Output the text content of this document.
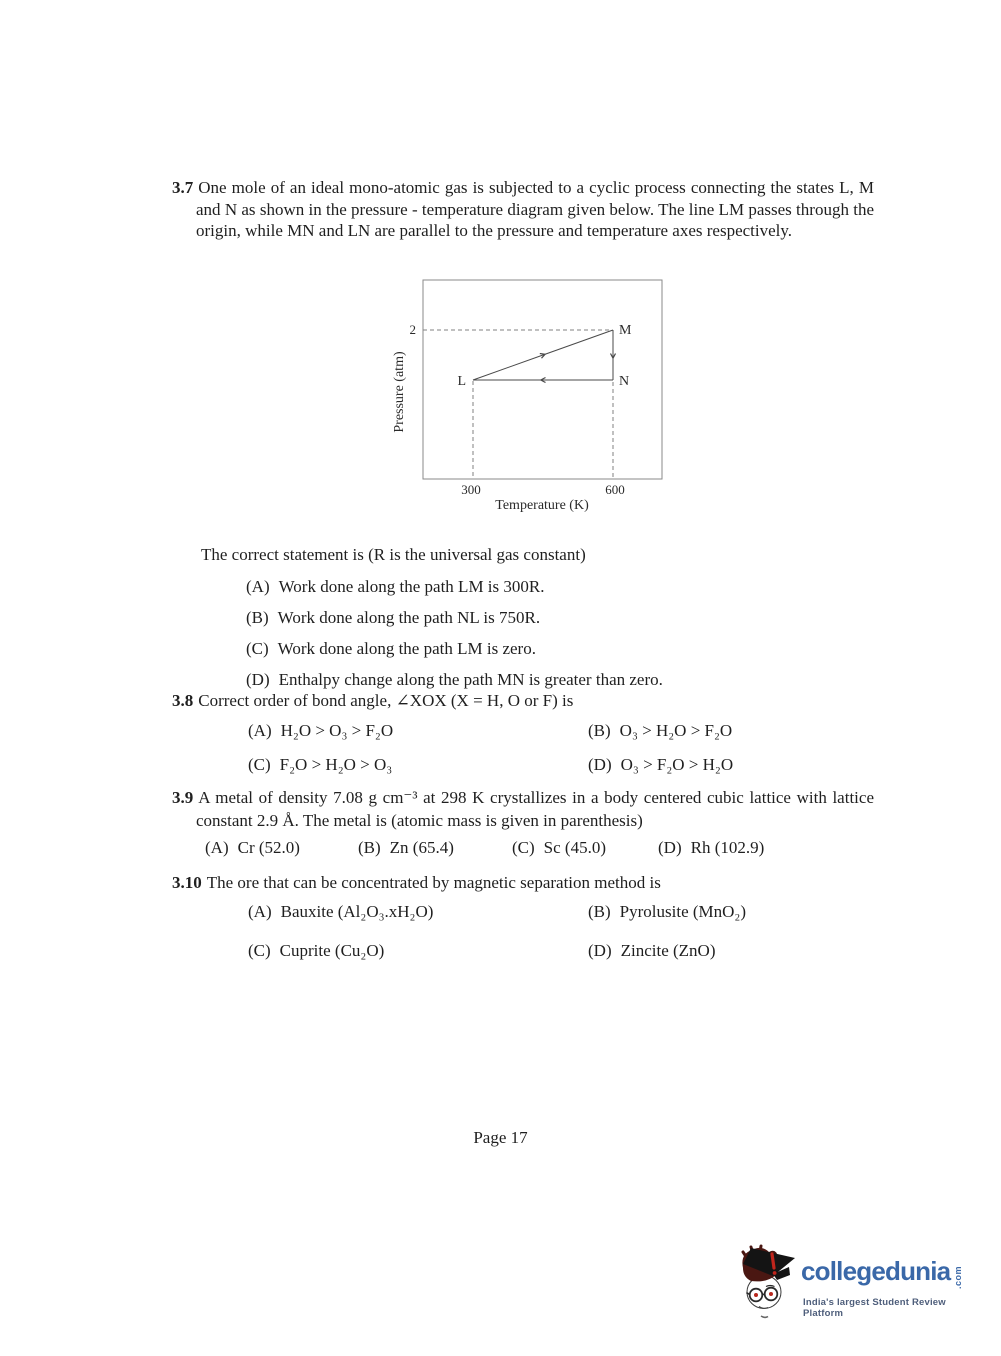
3.7 One mole of an ideal mono-atomic gas is subjected to a cyclic process connecting the states L, M and N as shown in the pressure - temperature diagram given below. The line LM passes through the origin, while MN and LN are parallel to the pressure and temperature axes respectively.
2
L
M
N
300	600
Temperature (K)
Pressure (atm)
The correct statement is (R is the universal gas constant)
(A) Work done along the path LM is 300R.
(B) Work done along the path NL is 750R.
(C) Work done along the path LM is zero.
(D) Enthalpy change along the path MN is greater than zero.
3.8 Correct order of bond angle, ∠XOX (X = H, O or F) is
(A) H₂O > O₃ > F₂O	(B) O₃ > H₂O > F₂O
(C) F₂O > H₂O > O₃	(D) O₃ > F₂O > H₂O
3.9 A metal of density 7.08 g cm⁻³ at 298 K crystallizes in a body centered cubic lattice with lattice constant 2.9 Å. The metal is (atomic mass is given in parenthesis)
(A) Cr (52.0)	(B) Zn (65.4)	(C) Sc (45.0)	(D) Rh (102.9)
3.10 The ore that can be concentrated by magnetic separation method is
(A) Bauxite (Al₂O₃.xH₂O)	(B) Pyrolusite (MnO₂)
(C) Cuprite (Cu₂O)	(D) Zincite (ZnO)
Page 17
collegedunia .com
India's largest Student Review Platform
